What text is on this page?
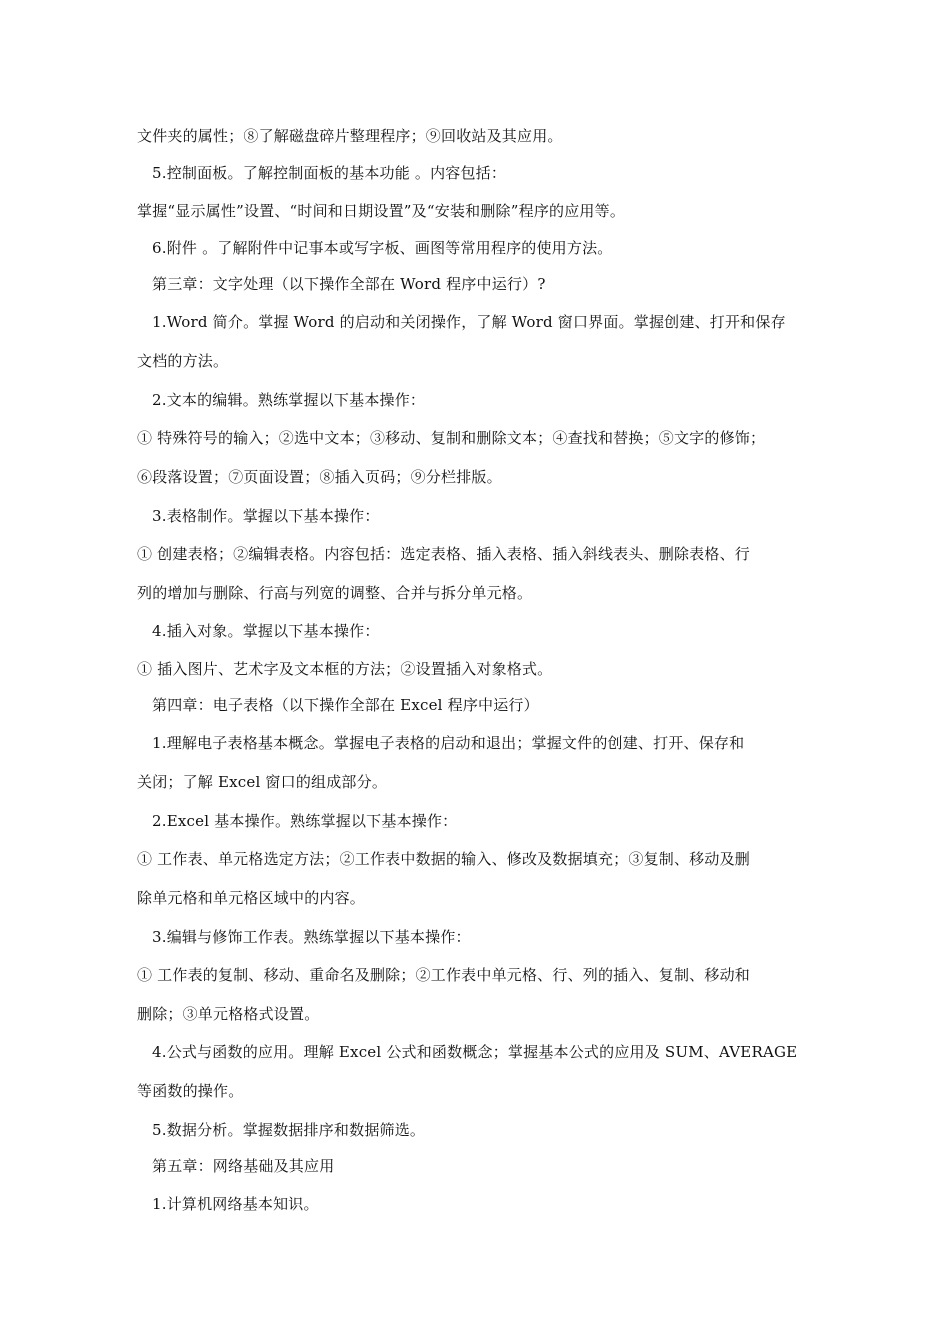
文件夹的属性；⑧了解磁盘碎片整理程序；⑨回收站及其应用。
5.控制面板。了解控制面板的基本功能 。内容包括：
掌握“显示属性”设置、“时间和日期设置”及“安装和删除”程序的应用等。
6.附件 。了解附件中记事本或写字板、画图等常用程序的使用方法。
第三章：文字处理（以下操作全部在 Word 程序中运行）?
1.Word 简介。掌握 Word 的启动和关闭操作，了解 Word 窗口界面。掌握创建、打开和保存
文档的方法。
2.文本的编辑。熟练掌握以下基本操作：
① 特殊符号的输入；②选中文本；③移动、复制和删除文本；④查找和替换；⑤文字的修饰；
⑥段落设置；⑦页面设置；⑧插入页码；⑨分栏排版。
3.表格制作。掌握以下基本操作：
① 创建表格；②编辑表格。内容包括：选定表格、插入表格、插入斜线表头、删除表格、行
列的增加与删除、行高与列宽的调整、合并与拆分单元格。
4.插入对象。掌握以下基本操作：
① 插入图片、艺术字及文本框的方法；②设置插入对象格式。
第四章：电子表格（以下操作全部在 Excel 程序中运行）
1.理解电子表格基本概念。掌握电子表格的启动和退出；掌握文件的创建、打开、保存和
关闭；了解 Excel 窗口的组成部分。
2.Excel 基本操作。熟练掌握以下基本操作：
① 工作表、单元格选定方法；②工作表中数据的输入、修改及数据填充；③复制、移动及删
除单元格和单元格区域中的内容。
3.编辑与修饰工作表。熟练掌握以下基本操作：
① 工作表的复制、移动、重命名及删除；②工作表中单元格、行、列的插入、复制、移动和
删除；③单元格格式设置。
4.公式与函数的应用。理解 Excel 公式和函数概念；掌握基本公式的应用及 SUM、AVERAGE
等函数的操作。
5.数据分析。掌握数据排序和数据筛选。
第五章：网络基础及其应用
1.计算机网络基本知识。
